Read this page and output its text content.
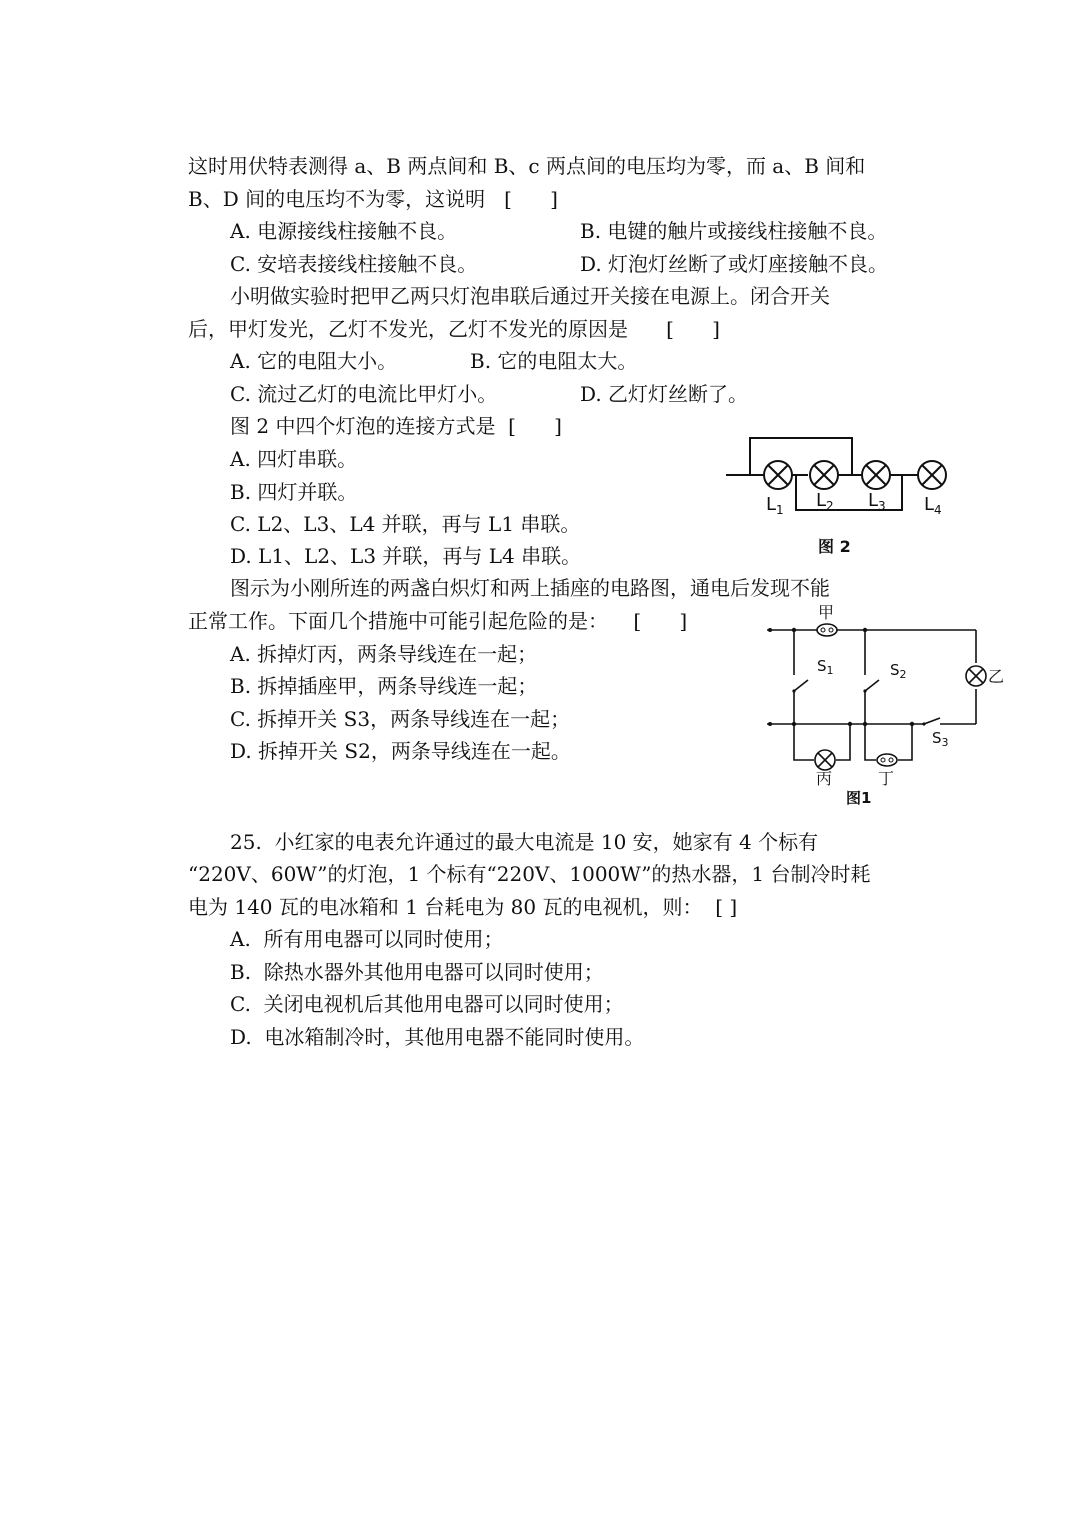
这时用伏特表测得 a、B 两点间和 B、c 两点间的电压均为零，而 a、B 间和
B、D 间的电压均不为零，这说明   [      ]
A. 电源接线柱接触不良。	B. 电键的触片或接线柱接触不良。
C. 安培表接线柱接触不良。	D. 灯泡灯丝断了或灯座接触不良。
小明做实验时把甲乙两只灯泡串联后通过开关接在电源上。闭合开关
后，甲灯发光，乙灯不发光，乙灯不发光的原因是      [      ]
A. 它的电阻大小。	B. 它的电阻太大。
C. 流过乙灯的电流比甲灯小。	D. 乙灯灯丝断了。
图 2 中四个灯泡的连接方式是  [      ]
A. 四灯串联。
B. 四灯并联。
C. L2、L3、L4 并联，再与 L1 串联。
D. L1、L2、L3 并联，再与 L4 串联。
$L_1$ $L_2$ $L_3$ $L_4$
图 2
图示为小刚所连的两盏白炽灯和两上插座的电路图，通电后发现不能
正常工作。下面几个措施中可能引起危险的是：    [      ]
A. 拆掉灯丙，两条导线连在一起；
B. 拆掉插座甲，两条导线连一起；
C. 拆掉开关 S3，两条导线连在一起；
D. 拆掉开关 S2，两条导线连在一起。
甲
乙
丙	丁
$S_1$	$S_2$
$S_3$
图1
25.  小红家的电表允许通过的最大电流是 10 安，她家有 4 个标有
“220V、60W”的灯泡，1 个标有“220V、1000W”的热水器，1 台制冷时耗
电为 140 瓦的电冰箱和 1 台耗电为 80 瓦的电视机，则：  [ ]
A.  所有用电器可以同时使用；
B.  除热水器外其他用电器可以同时使用；
C.  关闭电视机后其他用电器可以同时使用；
D.  电冰箱制冷时，其他用电器不能同时使用。
